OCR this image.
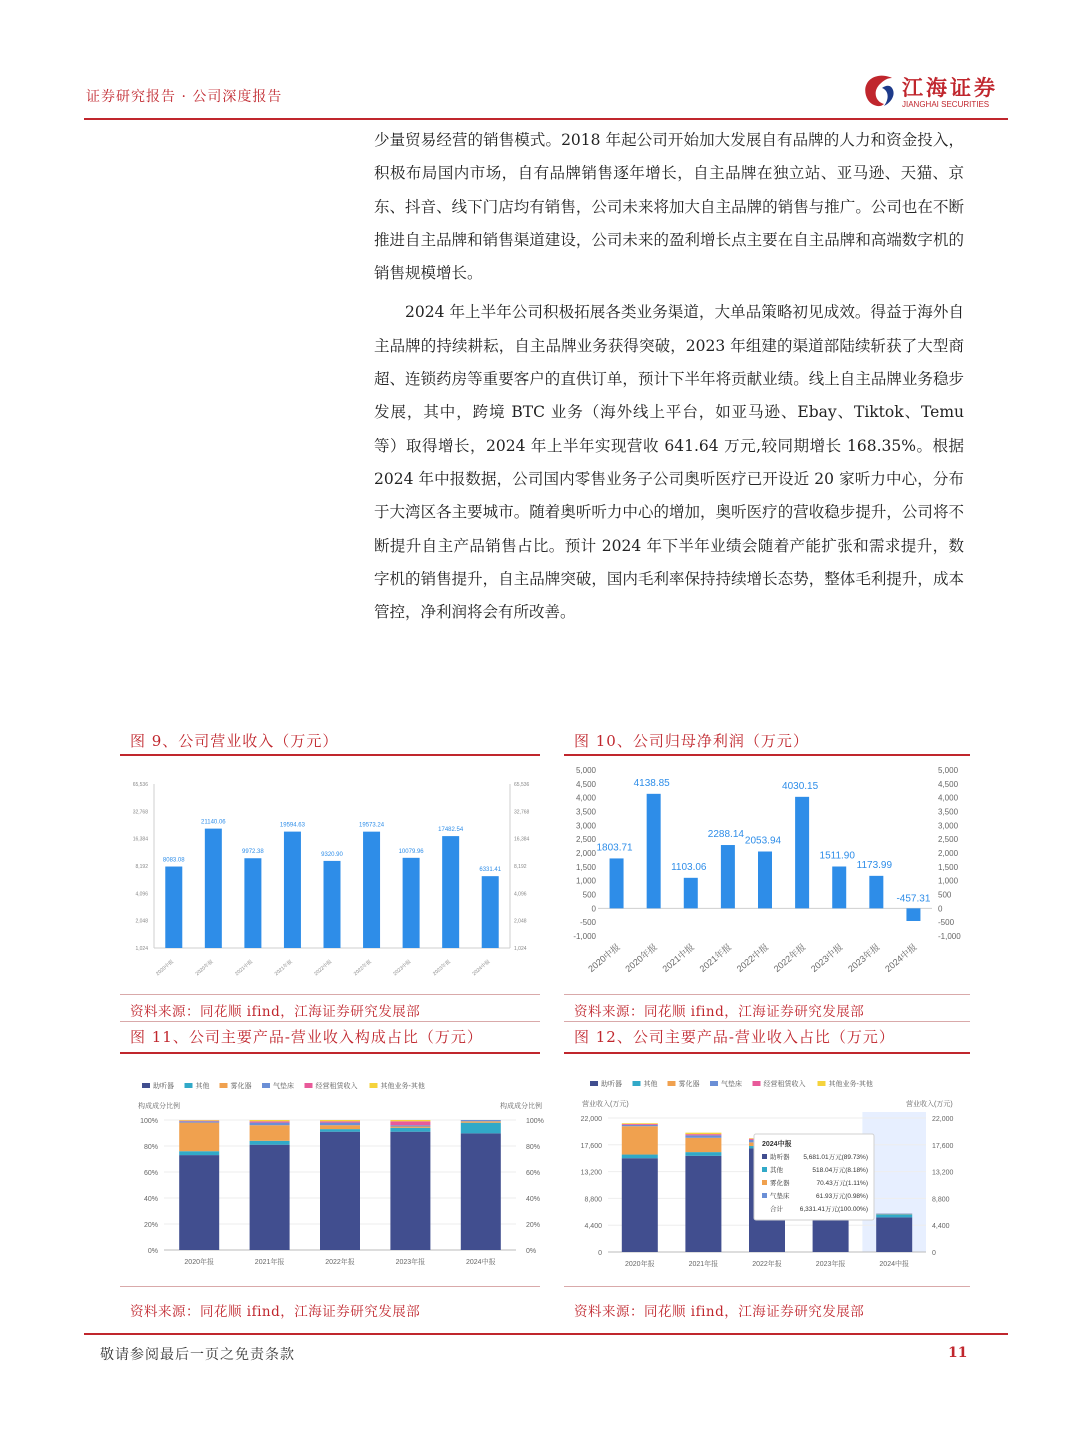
证券研究报告 · 公司深度报告	江海证券
JIANGHAI SECURITIES

少量贸易经营的销售模式。2018 年起公司开始加大发展自有品牌的人力和资金投入，积极布局国内市场，自有品牌销售逐年增长，自主品牌在独立站、亚马逊、天猫、京东、抖音、线下门店均有销售，公司未来将加大自主品牌的销售与推广。公司也在不断推进自主品牌和销售渠道建设，公司未来的盈利增长点主要在自主品牌和高端数字机的销售规模增长。

2024 年上半年公司积极拓展各类业务渠道，大单品策略初见成效。得益于海外自主品牌的持续耕耘，自主品牌业务获得突破，2023 年组建的渠道部陆续斩获了大型商超、连锁药房等重要客户的直供订单，预计下半年将贡献业绩。线上自主品牌业务稳步发展，其中，跨境 BTC 业务（海外线上平台，如亚马逊、Ebay、Tiktok、Temu 等）取得增长，2024 年上半年实现营收 641.64 万元,较同期增长 168.35%。根据 2024 年中报数据，公司国内零售业务子公司奥听医疗已开设近 20 家听力中心，分布于大湾区各主要城市。随着奥听听力中心的增加，奥听医疗的营收稳步提升，公司将不断提升自主产品销售占比。预计 2024 年下半年业绩会随着产能扩张和需求提升，数字机的销售提升，自主品牌突破，国内毛利率保持持续增长态势，整体毛利提升，成本管控，净利润将会有所改善。

图 9、公司营业收入（万元）
1,024	1,024
2,048	2,048
4,096	4,096
8,192	8,192
16,384	16,384
32,768	32,768
65,536	65,536
8083.08
2020中报
21140.06
2020年报
9972.38
2021中报
19594.63
2021年报
9320.90
2022中报
19573.24
2022年报
10079.96
2023中报
17482.54
2023年报
6331.41
2024中报
资料来源：同花顺 ifind，江海证券研究发展部
图 10、公司归母净利润（万元）
-1,000	-1,000
-500	-500
0	0
500	500
1,000	1,000
1,500	1,500
2,000	2,000
2,500	2,500
3,000	3,000
3,500	3,500
4,000	4,000
4,500	4,500
5,000	5,000
1803.71
2020中报
4138.85
2020年报
1103.06
2021中报
2288.14
2021年报
2053.94
2022中报
4030.15
2022年报
1511.90
2023中报
1173.99
2023年报
-457.31
2024中报
资料来源：同花顺 ifind，江海证券研究发展部
图 11、公司主要产品-营业收入构成占比（万元）
助听器	其他	雾化器	气垫床	经营租赁收入	其他业务-其他
构成成分比例	构成成分比例
0%	0%
20%	20%
40%	40%
60%	60%
80%	80%
100%	100%
2020年报	2021年报	2022年报	2023年报	2024中报
资料来源：同花顺 ifind，江海证券研究发展部
图 12、公司主要产品-营业收入占比（万元）
助听器	其他	雾化器	气垫床	经营租赁收入	其他业务-其他
营业收入(万元)	营业收入(万元)
0	0
4,400	4,400
8,800	8,800
13,200	13,200
17,600	17,600
22,000	22,000
2020年报	2021年报	2022年报	2023年报	2024中报
2024中报
助听器 5,681.01万元(89.73%)
其他	518.04万元(8.18%)
雾化器	70.43万元(1.11%)
气垫床	61.93万元(0.98%)
合计	6,331.41万元(100.00%)
资料来源：同花顺 ifind，江海证券研究发展部
敬请参阅最后一页之免责条款	11
